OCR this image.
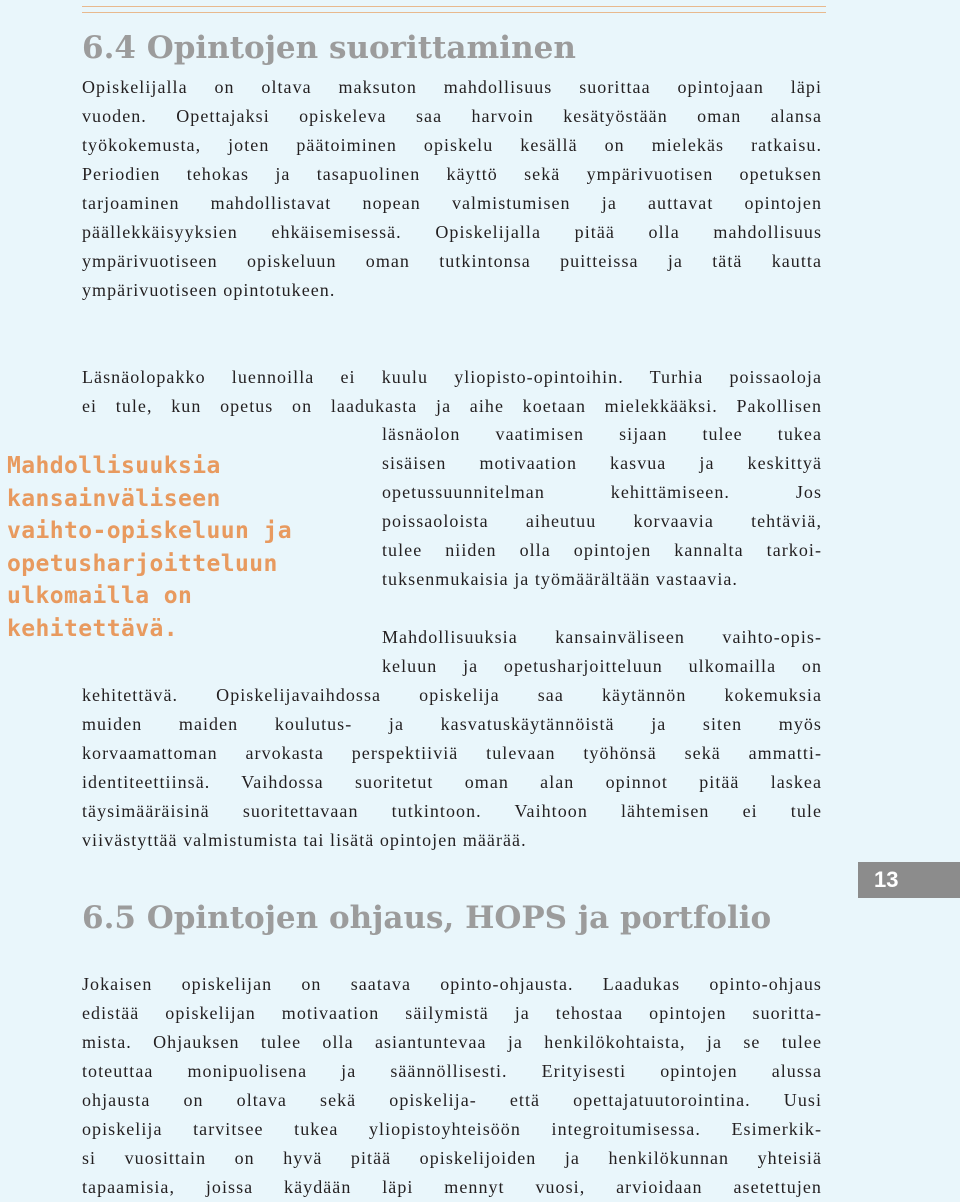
6.4 Opintojen suorittaminen
Opiskelijalla on oltava maksuton mahdollisuus suorittaa opintojaan läpi
vuoden. Opettajaksi opiskeleva saa harvoin kesätyöstään oman alansa
työkokemusta, joten päätoiminen opiskelu kesällä on mielekäs ratkaisu.
Periodien tehokas ja tasapuolinen käyttö sekä ympärivuotisen opetuksen
tarjoaminen mahdollistavat nopean valmistumisen ja auttavat opintojen
päällekkäisyyksien ehkäisemisessä. Opiskelijalla pitää olla mahdollisuus
ympärivuotiseen opiskeluun oman tutkintonsa puitteissa ja tätä kautta
ympärivuotiseen opintotukeen.
Läsnäolopakko luennoilla ei kuulu yliopisto-opintoihin. Turhia poissaoloja
ei tule, kun opetus on laadukasta ja aihe koetaan mielekkääksi. Pakollisen
läsnäolon vaatimisen sijaan tulee tukea
sisäisen motivaation kasvua ja keskittyä
opetussuunnitelman kehittämiseen. Jos
poissaoloista aiheutuu korvaavia tehtäviä,
tulee niiden olla opintojen kannalta tarkoi-
tuksenmukaisia ja työmäärältään vastaavia.
Mahdollisuuksia
kansainväliseen
vaihto-opiskeluun ja
opetusharjoitteluun
ulkomailla on
kehitettävä.	Mahdollisuuksia kansainväliseen vaihto-opis-
keluun ja opetusharjoitteluun ulkomailla on
kehitettävä. Opiskelijavaihdossa opiskelija saa käytännön kokemuksia
muiden maiden koulutus- ja kasvatuskäytännöistä ja siten myös
korvaamattoman arvokasta perspektiiviä tulevaan työhönsä sekä ammatti-
identiteettiinsä. Vaihdossa suoritetut oman alan opinnot pitää laskea
täysimääräisinä suoritettavaan tutkintoon. Vaihtoon lähtemisen ei tule
viivästyttää valmistumista tai lisätä opintojen määrää.
13
6.5 Opintojen ohjaus, HOPS ja portfolio
Jokaisen opiskelijan on saatava opinto-ohjausta. Laadukas opinto-ohjaus
edistää opiskelijan motivaation säilymistä ja tehostaa opintojen suoritta-
mista. Ohjauksen tulee olla asiantuntevaa ja henkilökohtaista, ja se tulee
toteuttaa monipuolisena ja säännöllisesti. Erityisesti opintojen alussa
ohjausta on oltava sekä opiskelija- että opettajatuutorointina. Uusi
opiskelija tarvitsee tukea yliopistoyhteisöön integroitumisessa. Esimerkik-
si vuosittain on hyvä pitää opiskelijoiden ja henkilökunnan yhteisiä
tapaamisia, joissa käydään läpi mennyt vuosi, arvioidaan asetettujen
